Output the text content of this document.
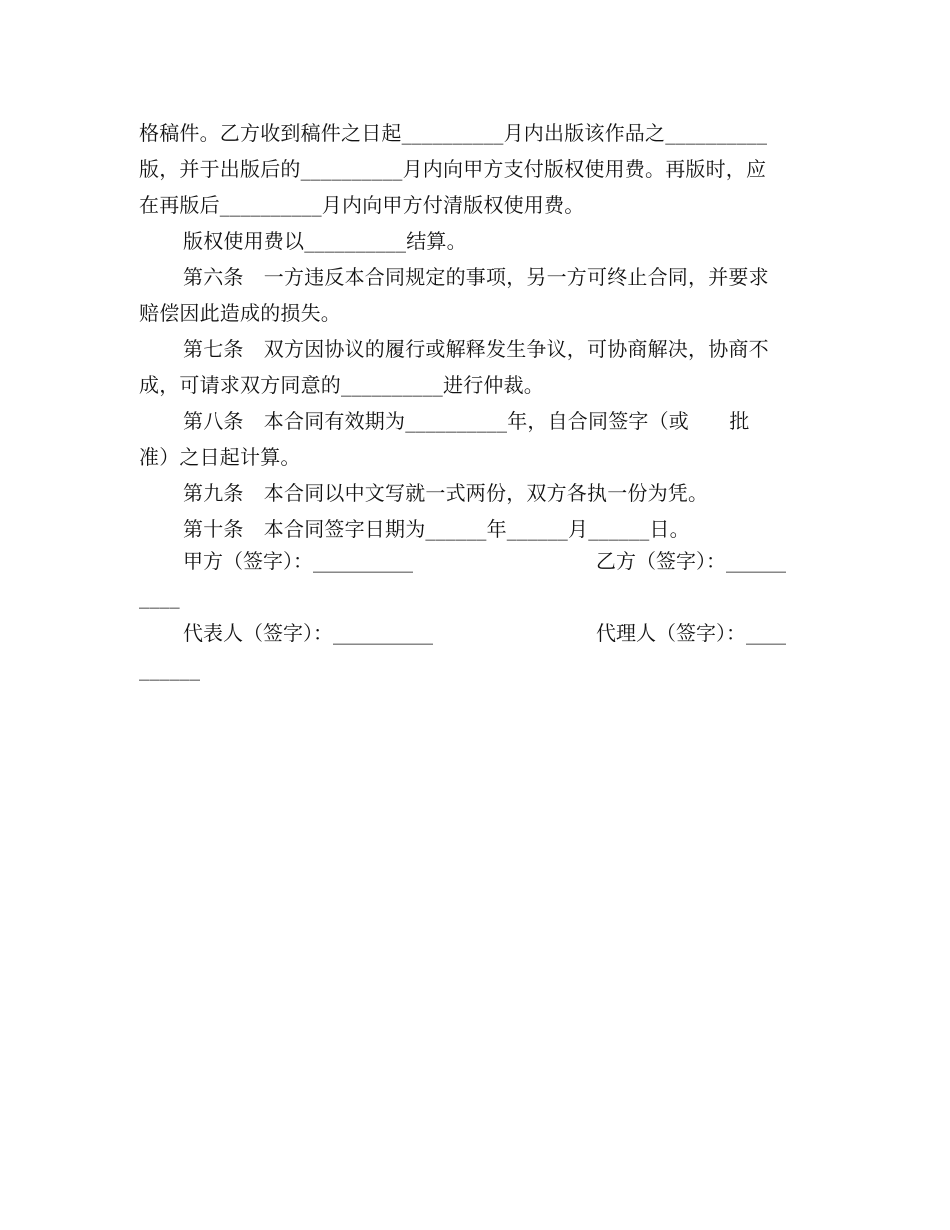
格稿件。乙方收到稿件之日起__________月内出版该作品之__________
版，并于出版后的__________月内向甲方支付版权使用费。再版时，应
在再版后__________月内向甲方付清版权使用费。
版权使用费以__________结算。
第六条　一方违反本合同规定的事项，另一方可终止合同，并要求
赔偿因此造成的损失。
第七条　双方因协议的履行或解释发生争议，可协商解决，协商不
成，可请求双方同意的__________进行仲裁。
第八条　本合同有效期为__________年，自合同签字（或　　批
准）之日起计算。
第九条　本合同以中文写就一式两份，双方各执一份为凭。
第十条　本合同签字日期为______年______月______日。
甲方（签字）：__________	乙方（签字）：______
____
代表人（签字）：__________	代理人（签字）：____
______
